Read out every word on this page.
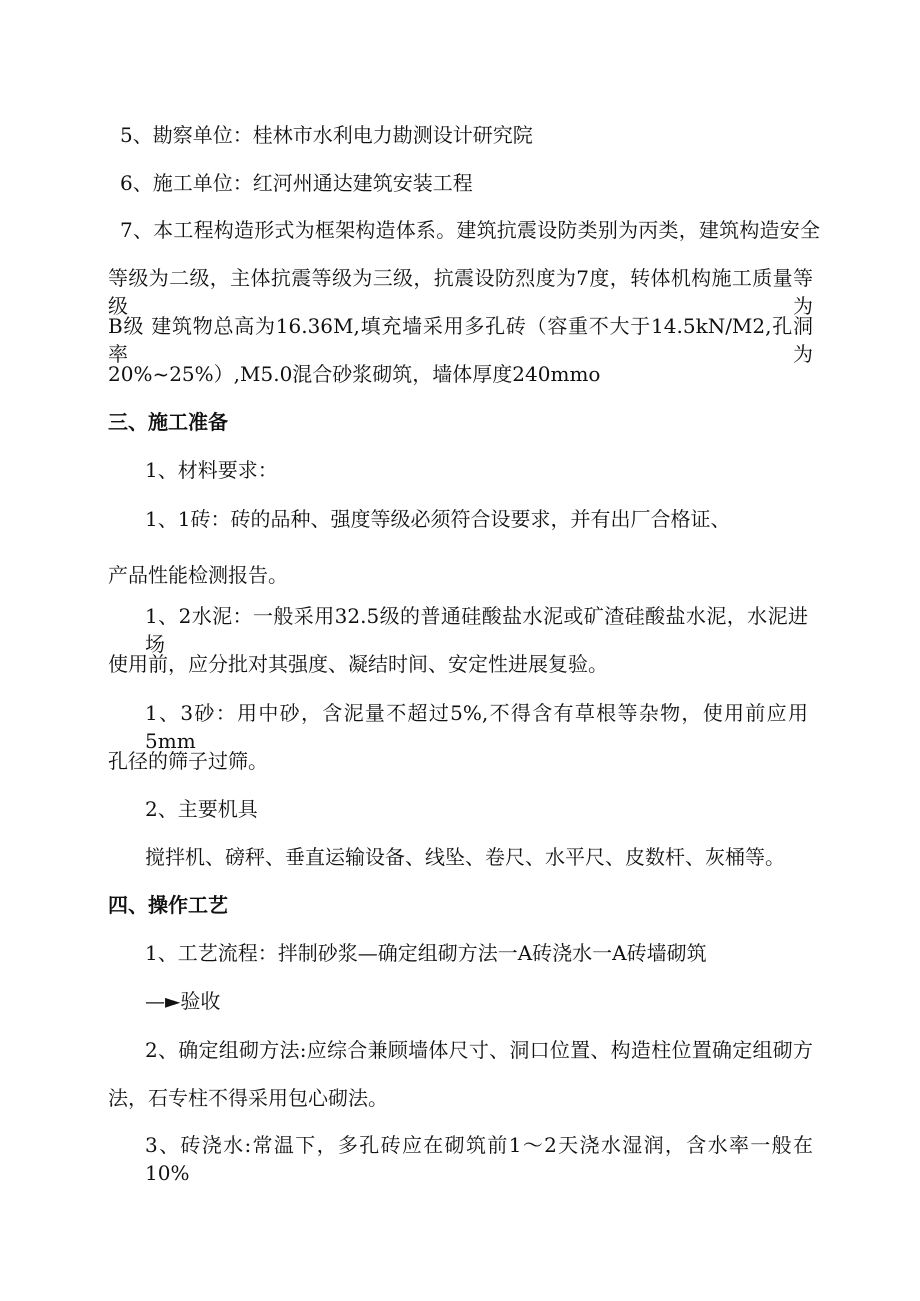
5、勘察单位：桂林市水利电力勘测设计研究院
6、施工单位：红河州通达建筑安装工程
7、本工程构造形式为框架构造体系。建筑抗震设防类别为丙类，建筑构造安全
等级为二级，主体抗震等级为三级，抗震设防烈度为7度，转体机构施工质量等级为
B级 建筑物总高为16.36M,填充墙采用多孔砖（容重不大于14.5kN/M2,孔洞率为
20%~25%）,M5.0混合砂浆砌筑，墙体厚度240mmo
三、施工准备
1、材料要求：
1、1砖：砖的品种、强度等级必须符合设要求，并有出厂合格证、
产品性能检测报告。
1、2水泥：一般采用32.5级的普通硅酸盐水泥或矿渣硅酸盐水泥，水泥进场
使用前，应分批对其强度、凝结时间、安定性进展复验。
1、3砂：用中砂，含泥量不超过5%,不得含有草根等杂物，使用前应用5mm
孔径的筛子过筛。
2、主要机具
搅拌机、磅秤、垂直运输设备、线坠、卷尺、水平尺、皮数杆、灰桶等。
四、操作工艺
1、工艺流程：拌制砂浆—确定组砌方法一A砖浇水一A砖墙砌筑
—►验收
2、确定组砌方法:应综合兼顾墙体尺寸、洞口位置、构造柱位置确定组砌方
法，石专柱不得采用包心砌法。
3、砖浇水:常温下，多孔砖应在砌筑前1～2天浇水湿润，含水率一般在10%
